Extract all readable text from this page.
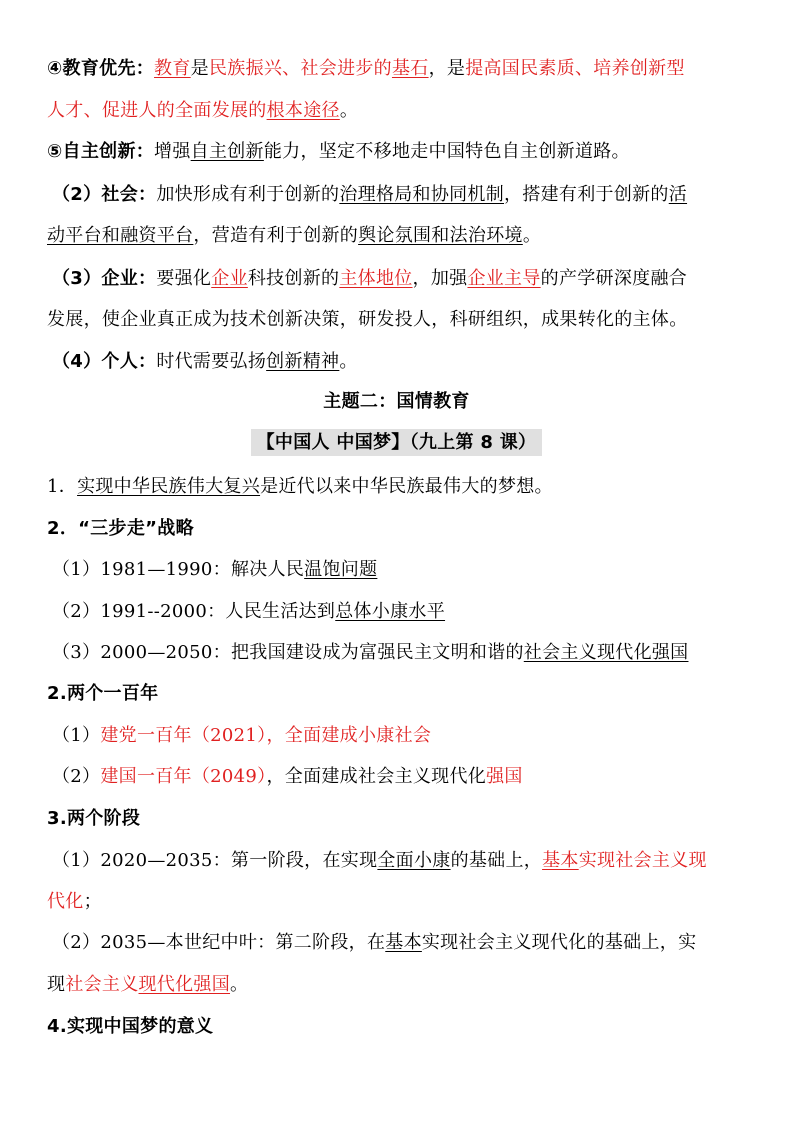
④教育优先：教育是民族振兴、社会进步的基石，是提高国民素质、培养创新型
人才、促进人的全面发展的根本途径。
⑤自主创新：增强自主创新能力，坚定不移地走中国特色自主创新道路。
（2）社会：加快形成有利于创新的治理格局和协同机制，搭建有利于创新的活
动平台和融资平台，营造有利于创新的舆论氛围和法治环境。
（3）企业：要强化企业科技创新的主体地位，加强企业主导的产学研深度融合
发展，使企业真正成为技术创新决策，研发投人，科研组织，成果转化的主体。
（4）个人：时代需要弘扬创新精神。
主题二：国情教育
【中国人 中国梦】（九上第 8 课）
1．实现中华民族伟大复兴是近代以来中华民族最伟大的梦想。
2．“三步走”战略
（1）1981—1990：解决人民温饱问题
（2）1991--2000：人民生活达到总体小康水平
（3）2000—2050：把我国建设成为富强民主文明和谐的社会主义现代化强国
2.两个一百年
（1）建党一百年（2021），全面建成小康社会
（2）建国一百年（2049），全面建成社会主义现代化强国
3.两个阶段
（1）2020—2035：第一阶段，在实现全面小康的基础上，基本实现社会主义现
代化；
（2）2035—本世纪中叶：第二阶段，在基本实现社会主义现代化的基础上，实
现社会主义现代化强国。
4.实现中国梦的意义
